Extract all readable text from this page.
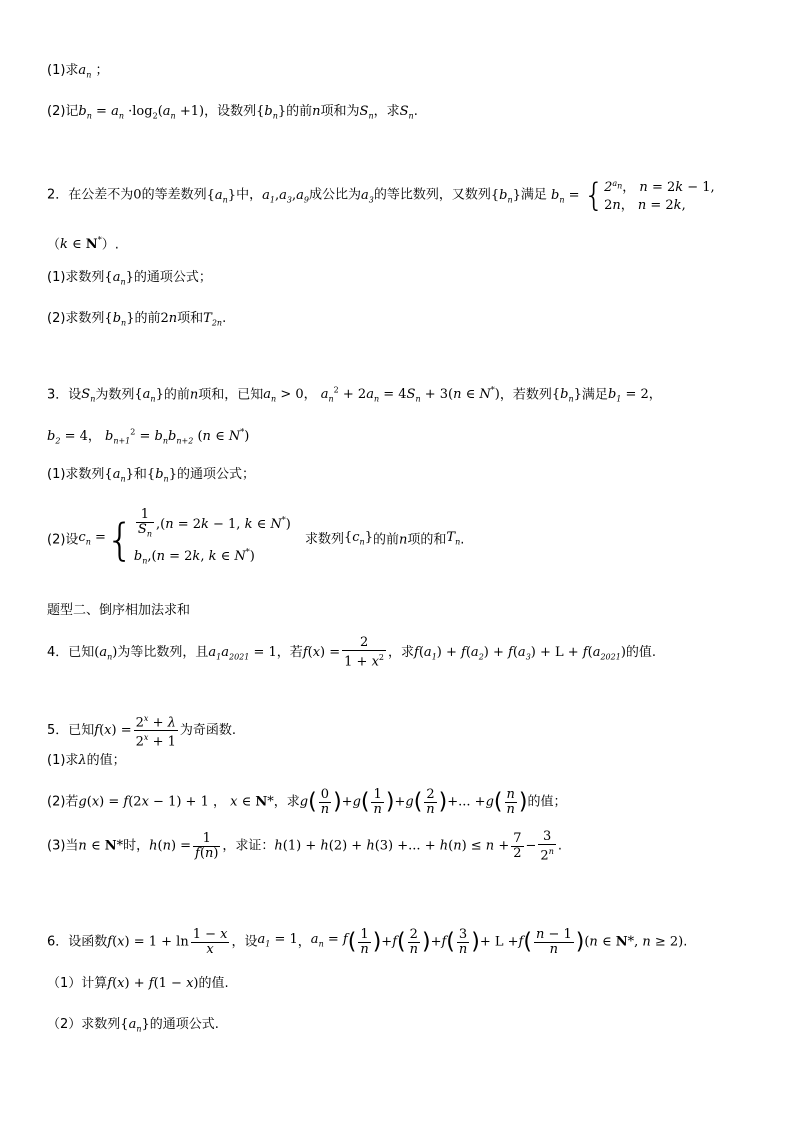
(1)求$a_n$ ；
(2)记$b_n = a_n \cdot\log_2(a_n +1)$，设数列$\{b_n\}$的前n项和为$S_n$，求$S_n$.
2．在公差不为0的等差数列$\{a_n\}$中，$a_1,a_3,a_9$成公比为$a_3$的等比数列，又数列$\{b_n\}$满足 $b_n = \{2^{a_n}$， n = 2k − 1,
2n， n = 2k,
（k ∈ N*）.
(1)求数列$\{a_n\}$的通项公式；
(2)求数列$\{b_n\}$的前2n项和$T_{2n}$.
3．设$S_n$为数列$\{a_n\}$的前n项和，已知$a_n > 0$， $a_n^2 + 2a_n = 4S_n + 3(n$ ∈ N*)，若数列$\{b_n\}$满足$b_1 = 2$，
$b_2 = 4$， $b_{n+1}^2 = b_nb_{n+2}$ (n ∈ N*)
(1)求数列$\{a_n\}$和$\{b_n\}$的通项公式；
(2)设$c_n$ ={ $\frac{1}{S_n} ,(n = 2k - 1$, k ∈ N*)
$b_n,(n = 2k$, k ∈ N*) 求数列$\{c_n\}$的前n项的和$T_n$.
题型二、倒序相加法求和
4．已知$(a_n)$为等比数列，且$a_1a_{2021} = 1$，若$f(x) = \frac{2}{1 + x^2}$ ，求$f(a_1) + f(a_2) + f(a_3) + L + f(a_{2021})$的值.
5．已知$f(x) = \frac{2^x + \lambda}{2^x + 1}$ 为奇函数.
(1)求λ的值；
(2)若g(x) = f(2x − 1) + 1 ， x ∈ N*，求$g( \frac{0}{n} )+g( \frac{1}{n} )+g( \frac{2}{n}$ )+... $+g( \frac{n}{n}$ )的值；
(3)当n ∈ N*时，$h(n) = \frac{1}{f(n)}$ ，求证：h(1) + h(2) + h(3) +... + $h(n) \le n + \frac{7}{2} - \frac{3}{2^n}$ .
6．设函数$f(x) = 1 + \ln \frac{1 - x}{x}$ ，设$a_1 = 1$，$a_n = f( \frac{1}{n} )+f( \frac{2}{n} )+f( \frac{3}{n}$ )+ $L +f( \frac{n - 1}{n} )(n$ ∈ N*, n ≥ 2).
（1）计算f(x) + f(1 − x)的值.
（2）求数列$\{a_n\}$的通项公式.
